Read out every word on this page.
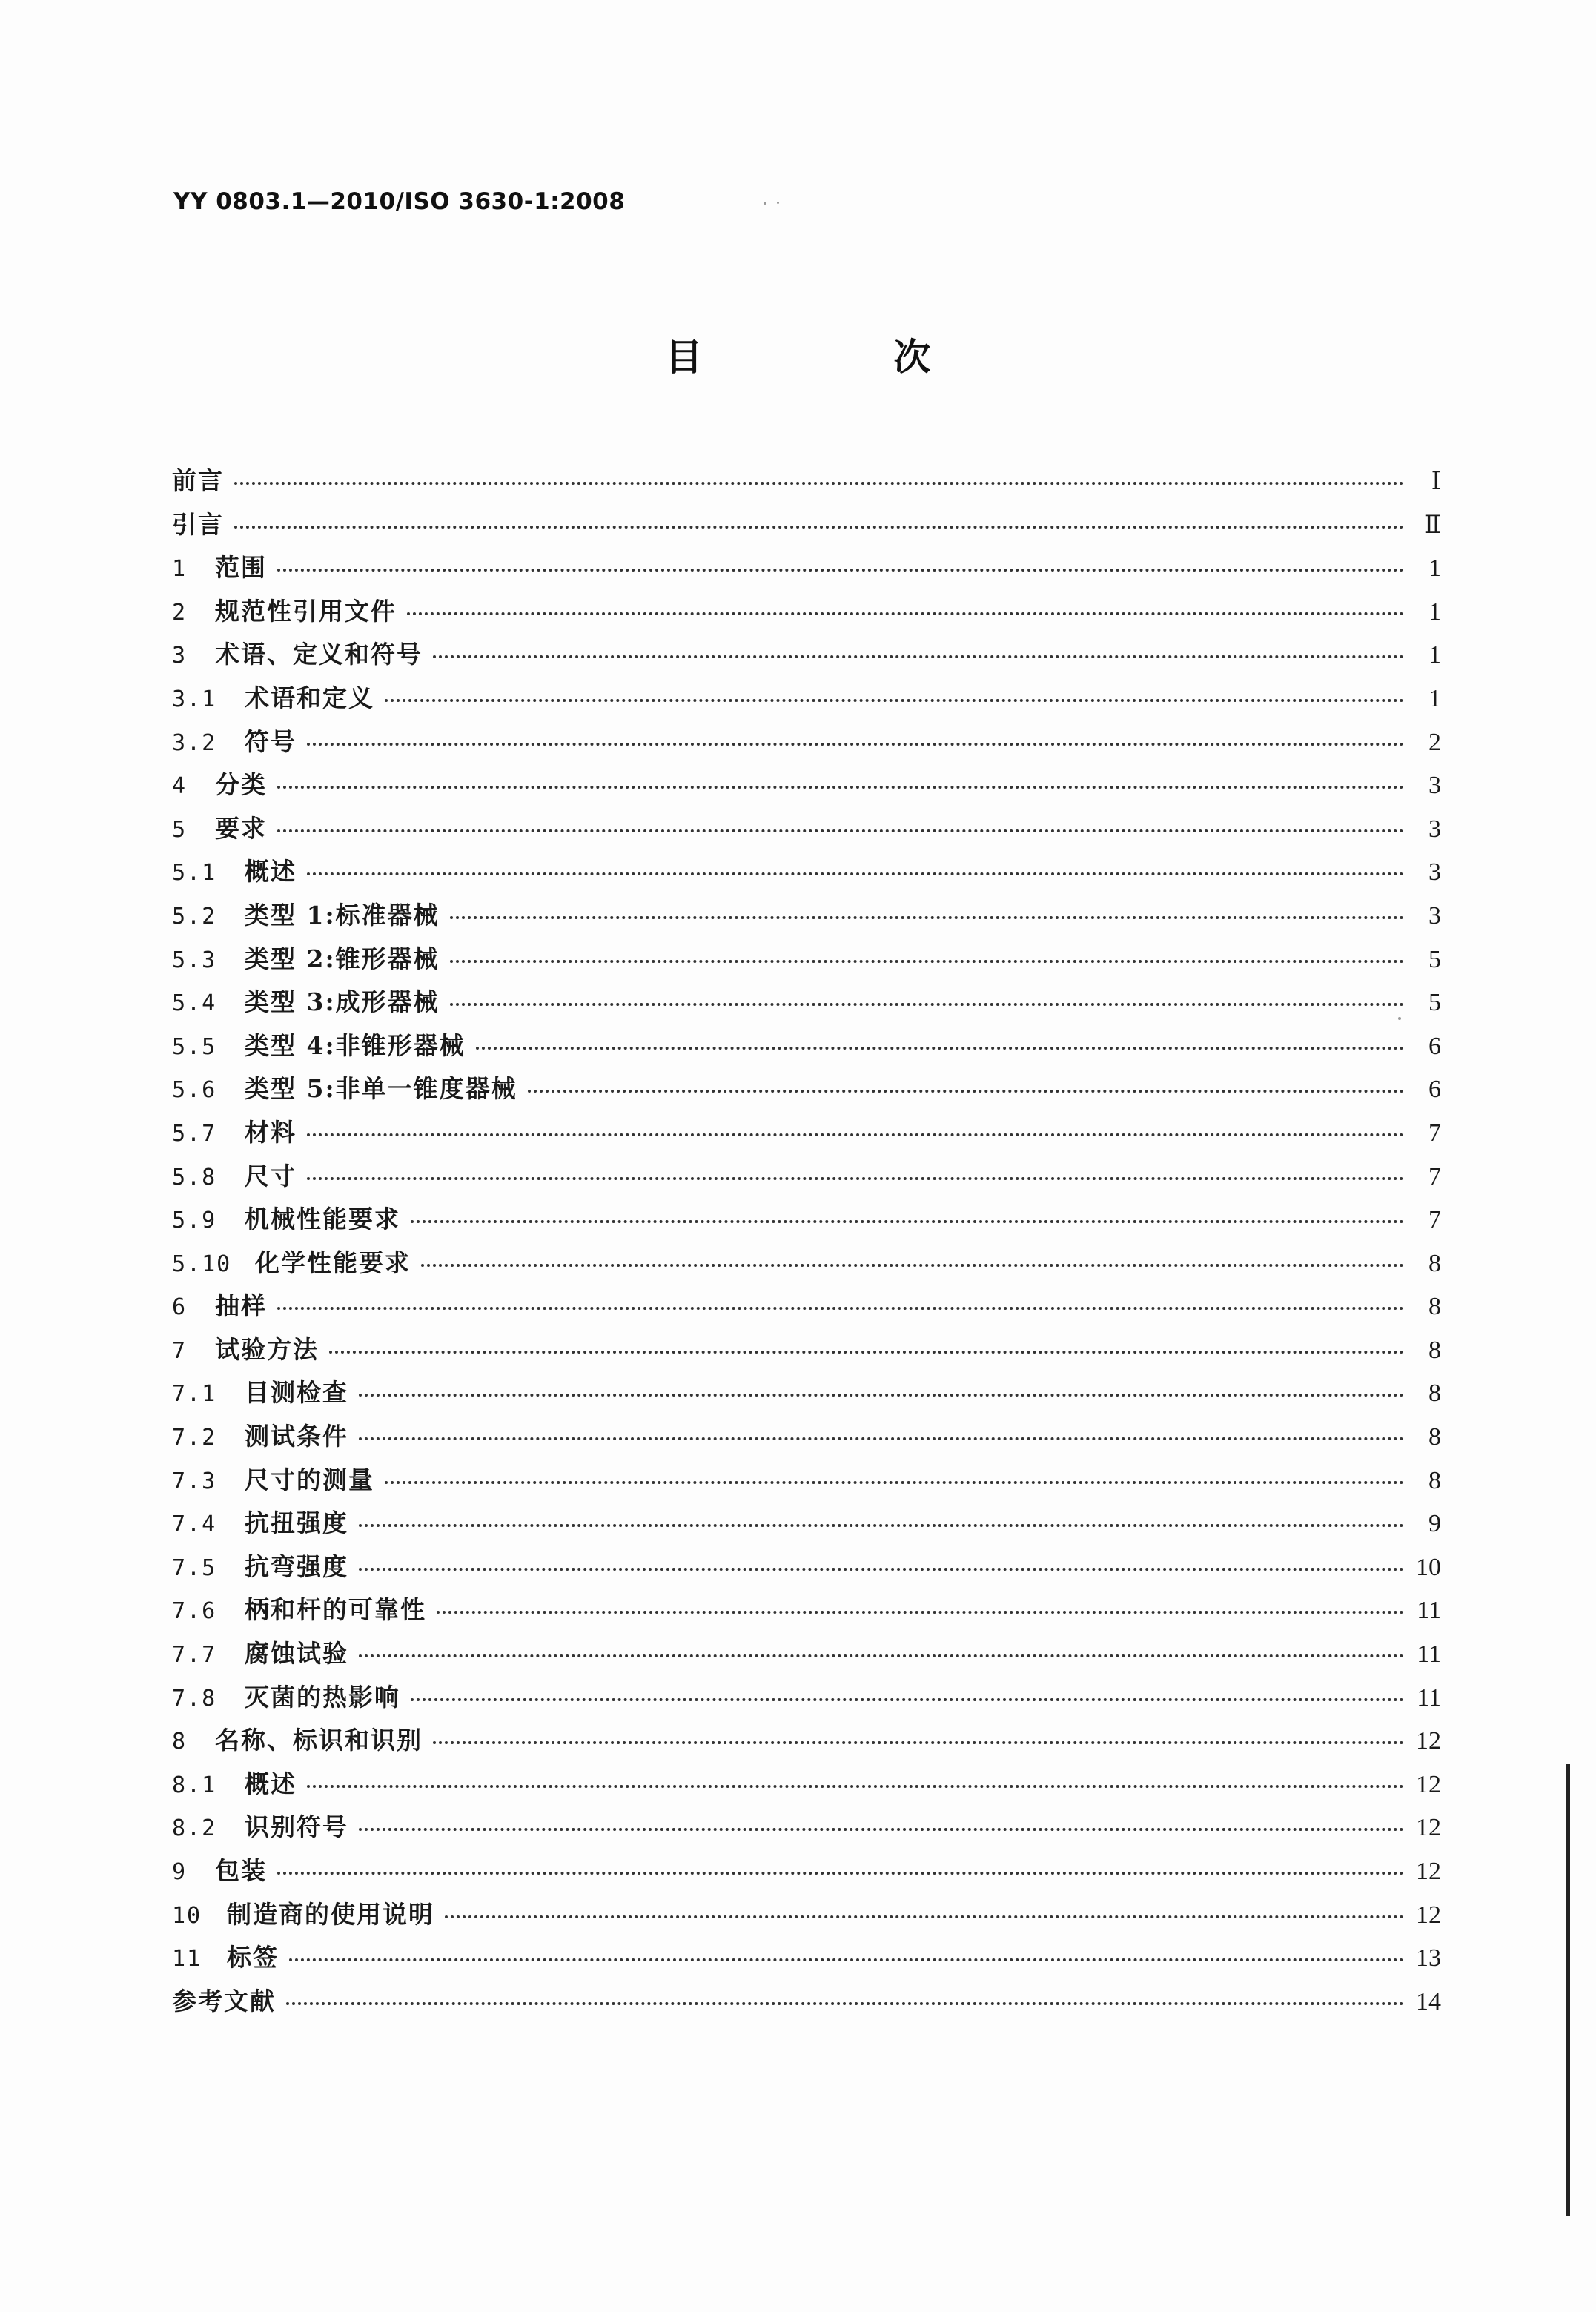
YY 0803.1—2010/ISO 3630-1:2008
目 次
前言	Ⅰ
引言	Ⅱ
1	范围	1
2	规范性引用文件	1
3	术语、定义和符号	1
3.1	术语和定义	1
3.2	符号	2
4	分类	3
5	要求	3
5.1	概述	3
5.2	类型 1:标准器械	3
5.3	类型 2:锥形器械	5
5.4	类型 3:成形器械	5
5.5	类型 4:非锥形器械	6
5.6	类型 5:非单一锥度器械	6
5.7	材料	7
5.8	尺寸	7
5.9	机械性能要求	7
5.10 化学性能要求	8
6	抽样	8
7	试验方法	8
7.1	目测检查	8
7.2	测试条件	8
7.3	尺寸的测量	8
7.4	抗扭强度	9
7.5	抗弯强度	10
7.6	柄和杆的可靠性	11
7.7	腐蚀试验	11
7.8	灭菌的热影响	11
8	名称、标识和识别	12
8.1	概述	12
8.2	识别符号	12
9	包装	12
10	制造商的使用说明	12
11	标签	13
参考文献	14
